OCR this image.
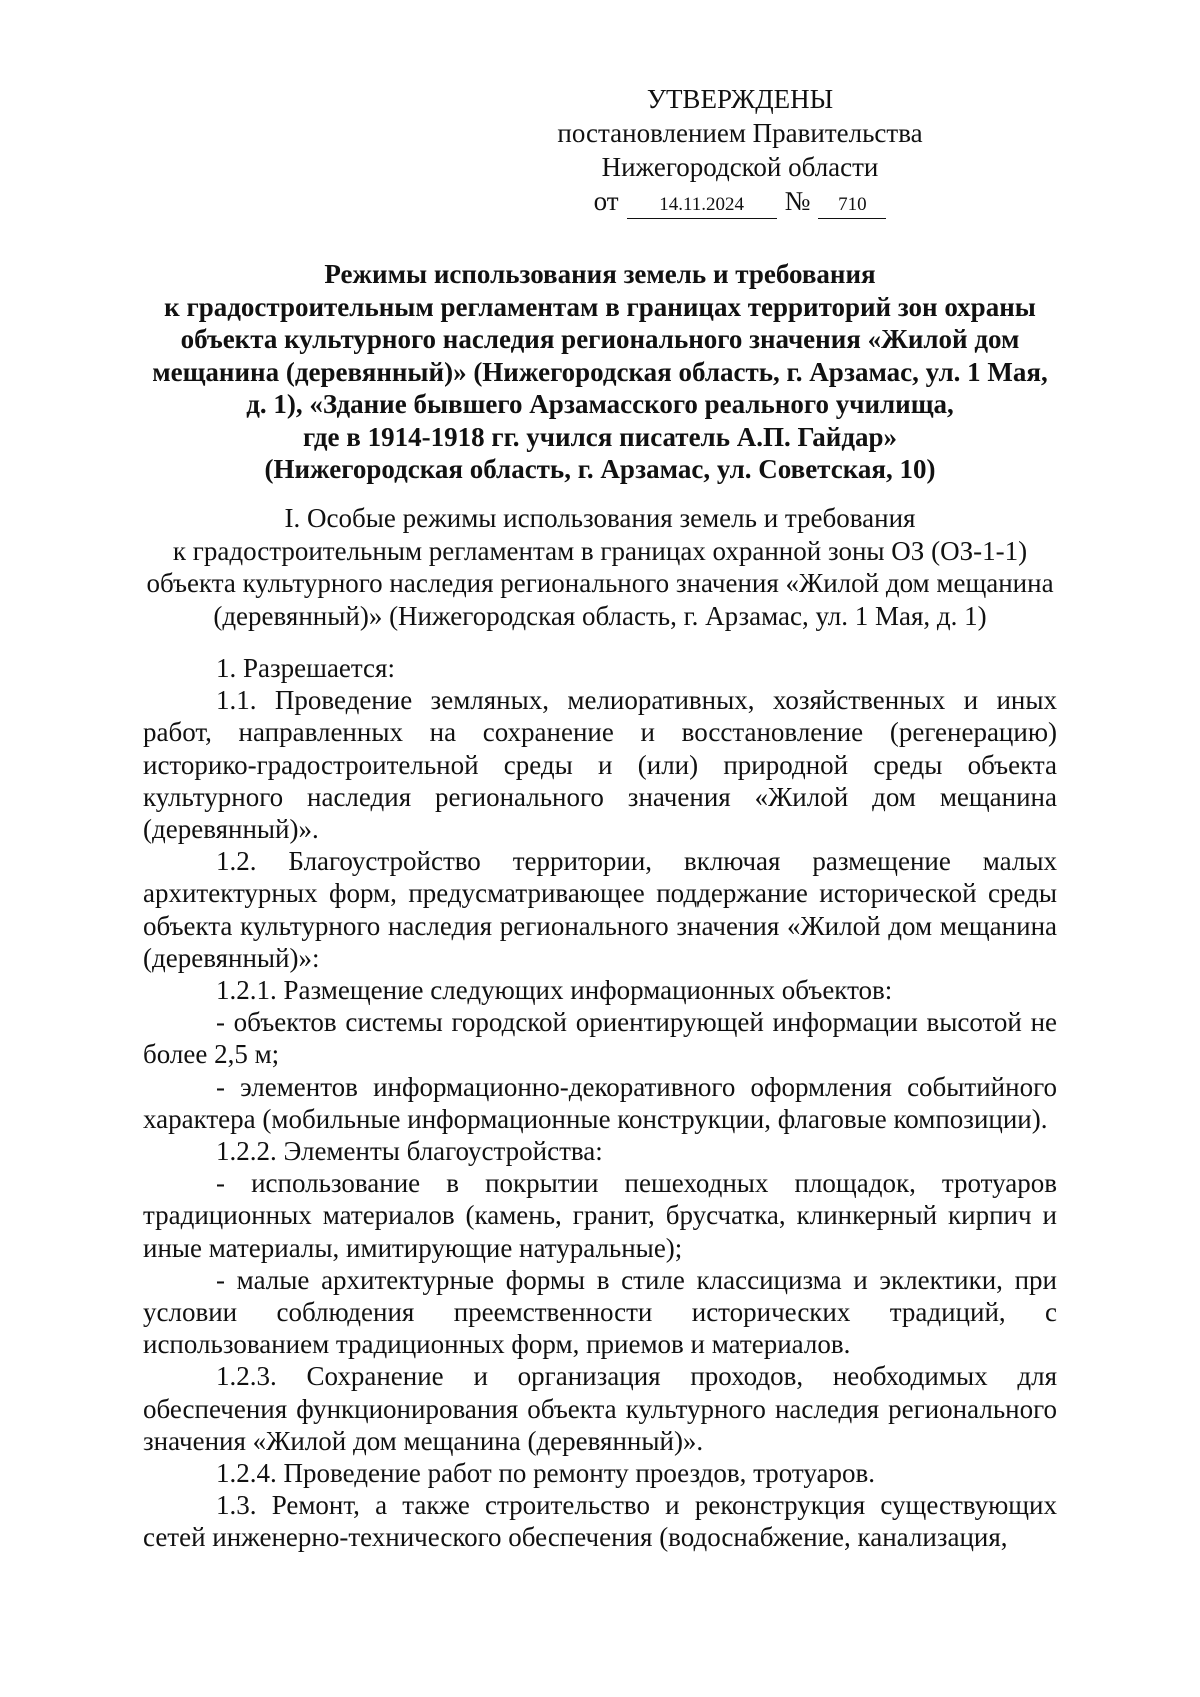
УТВЕРЖДЕНЫ
постановлением Правительства
Нижегородской области
от	14.11.2024	№	710
Режимы использования земель и требования
к градостроительным регламентам в границах территорий зон охраны
объекта культурного наследия регионального значения «Жилой дом
мещанина (деревянный)» (Нижегородская область, г. Арзамас, ул. 1 Мая,
д. 1), «Здание бывшего Арзамасского реального училища,
где в 1914-1918 гг. учился писатель А.П. Гайдар»
(Нижегородская область, г. Арзамас, ул. Советская, 10)
I. Особые режимы использования земель и требования
к градостроительным регламентам в границах охранной зоны ОЗ (ОЗ-1-1)
объекта культурного наследия регионального значения «Жилой дом мещанина
(деревянный)» (Нижегородская область, г. Арзамас, ул. 1 Мая, д. 1)

1. Разрешается:

1.1. Проведение земляных, мелиоративных, хозяйственных и иных работ, направленных на сохранение и восстановление (регенерацию) историко-градостроительной среды и (или) природной среды объекта культурного наследия регионального значения «Жилой дом мещанина (деревянный)».

1.2. Благоустройство территории, включая размещение малых архитектурных форм, предусматривающее поддержание исторической среды объекта культурного наследия регионального значения «Жилой дом мещанина (деревянный)»:

1.2.1. Размещение следующих информационных объектов:

- объектов системы городской ориентирующей информации высотой не более 2,5 м;

- элементов информационно-декоративного оформления событийного характера (мобильные информационные конструкции, флаговые композиции).

1.2.2. Элементы благоустройства:

- использование в покрытии пешеходных площадок, тротуаров традиционных материалов (камень, гранит, брусчатка, клинкерный кирпич и иные материалы, имитирующие натуральные);

- малые архитектурные формы в стиле классицизма и эклектики, при условии соблюдения преемственности исторических традиций, с использованием традиционных форм, приемов и материалов.

1.2.3. Сохранение и организация проходов, необходимых для обеспечения функционирования объекта культурного наследия регионального значения «Жилой дом мещанина (деревянный)».

1.2.4. Проведение работ по ремонту проездов, тротуаров.

1.3. Ремонт, а также строительство и реконструкция существующих сетей инженерно-технического обеспечения (водоснабжение, канализация,
